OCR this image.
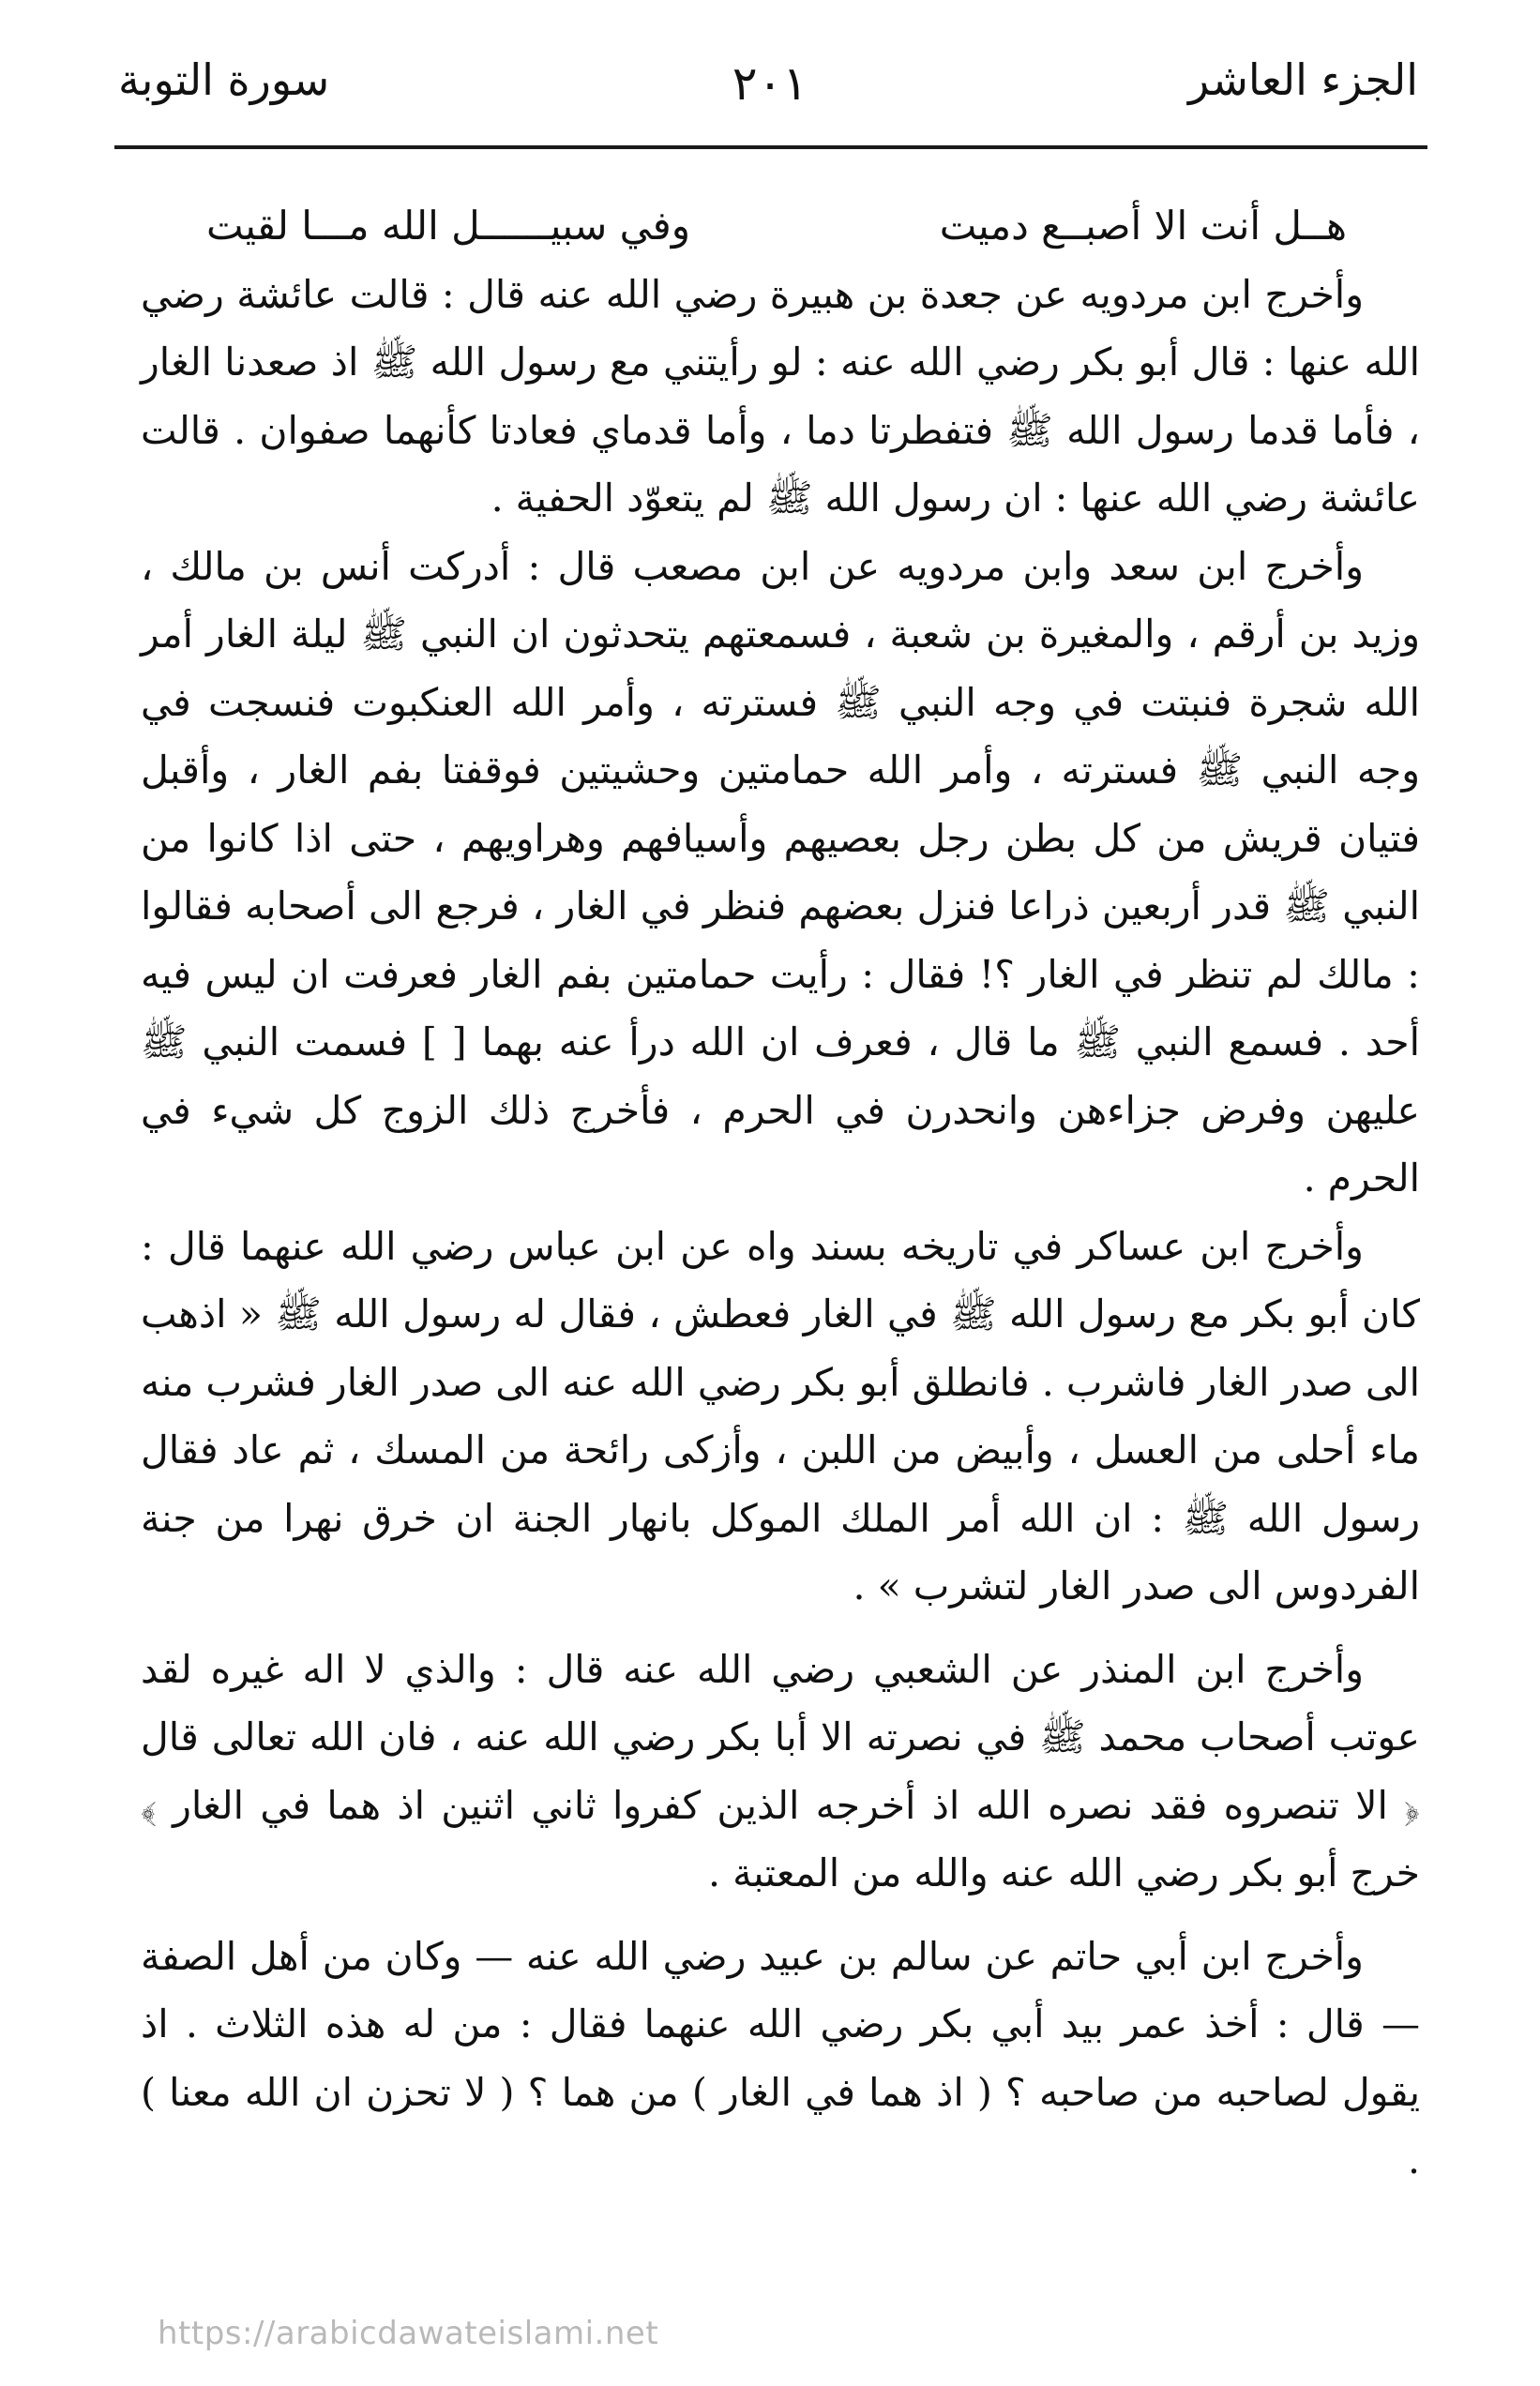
الجزء العاشر
٢٠١
سورة التوبة
هــل أنت الا أصبــع دميت
وفي سبيــــــل الله مـــا لقيت

وأخرج ابن مردويه عن جعدة بن هبيرة رضي الله عنه قال : قالت عائشة رضي الله عنها : قال أبو بكر رضي الله عنه : لو رأيتني مع رسول الله ﷺ اذ صعدنا الغار ، فأما قدما رسول الله ﷺ فتفطرتا دما ، وأما قدماي فعادتا كأنهما صفوان . قالت عائشة رضي الله عنها : ان رسول الله ﷺ لم يتعوّد الحفية .

وأخرج ابن سعد وابن مردويه عن ابن مصعب قال : أدركت أنس بن مالك ، وزيد بن أرقم ، والمغيرة بن شعبة ، فسمعتهم يتحدثون ان النبي ﷺ ليلة الغار أمر الله شجرة فنبتت في وجه النبي ﷺ فسترته ، وأمر الله العنكبوت فنسجت في وجه النبي ﷺ فسترته ، وأمر الله حمامتين وحشيتين فوقفتا بفم الغار ، وأقبل فتيان قريش من كل بطن رجل بعصيهم وأسيافهم وهراويهم ، حتى اذا كانوا من النبي ﷺ قدر أربعين ذراعا فنزل بعضهم فنظر في الغار ، فرجع الى أصحابه فقالوا : مالك لم تنظر في الغار ؟! فقال : رأيت حمامتين بفم الغار فعرفت ان ليس فيه أحد . فسمع النبي ﷺ ما قال ، فعرف ان الله درأ عنه بهما [ ] فسمت النبي ﷺ عليهن وفرض جزاءهن وانحدرن في الحرم ، فأخرج ذلك الزوج كل شيء في الحرم .

وأخرج ابن عساكر في تاريخه بسند واه عن ابن عباس رضي الله عنهما قال : كان أبو بكر مع رسول الله ﷺ في الغار فعطش ، فقال له رسول الله ﷺ « اذهب الى صدر الغار فاشرب . فانطلق أبو بكر رضي الله عنه الى صدر الغار فشرب منه ماء أحلى من العسل ، وأبيض من اللبن ، وأزكى رائحة من المسك ، ثم عاد فقال رسول الله ﷺ : ان الله أمر الملك الموكل بانهار الجنة ان خرق نهرا من جنة الفردوس الى صدر الغار لتشرب » .

وأخرج ابن المنذر عن الشعبي رضي الله عنه قال : والذي لا اله غيره لقد عوتب أصحاب محمد ﷺ في نصرته الا أبا بكر رضي الله عنه ، فان الله تعالى قال ﴿ الا تنصروه فقد نصره الله اذ أخرجه الذين كفروا ثاني اثنين اذ هما في الغار ﴾ خرج أبو بكر رضي الله عنه والله من المعتبة .

وأخرج ابن أبي حاتم عن سالم بن عبيد رضي الله عنه — وكان من أهل الصفة — قال : أخذ عمر بيد أبي بكر رضي الله عنهما فقال : من له هذه الثلاث . اذ يقول لصاحبه من صاحبه ؟ ( اذ هما في الغار ) من هما ؟ ( لا تحزن ان الله معنا ) .

https://arabicdawateislami.net
